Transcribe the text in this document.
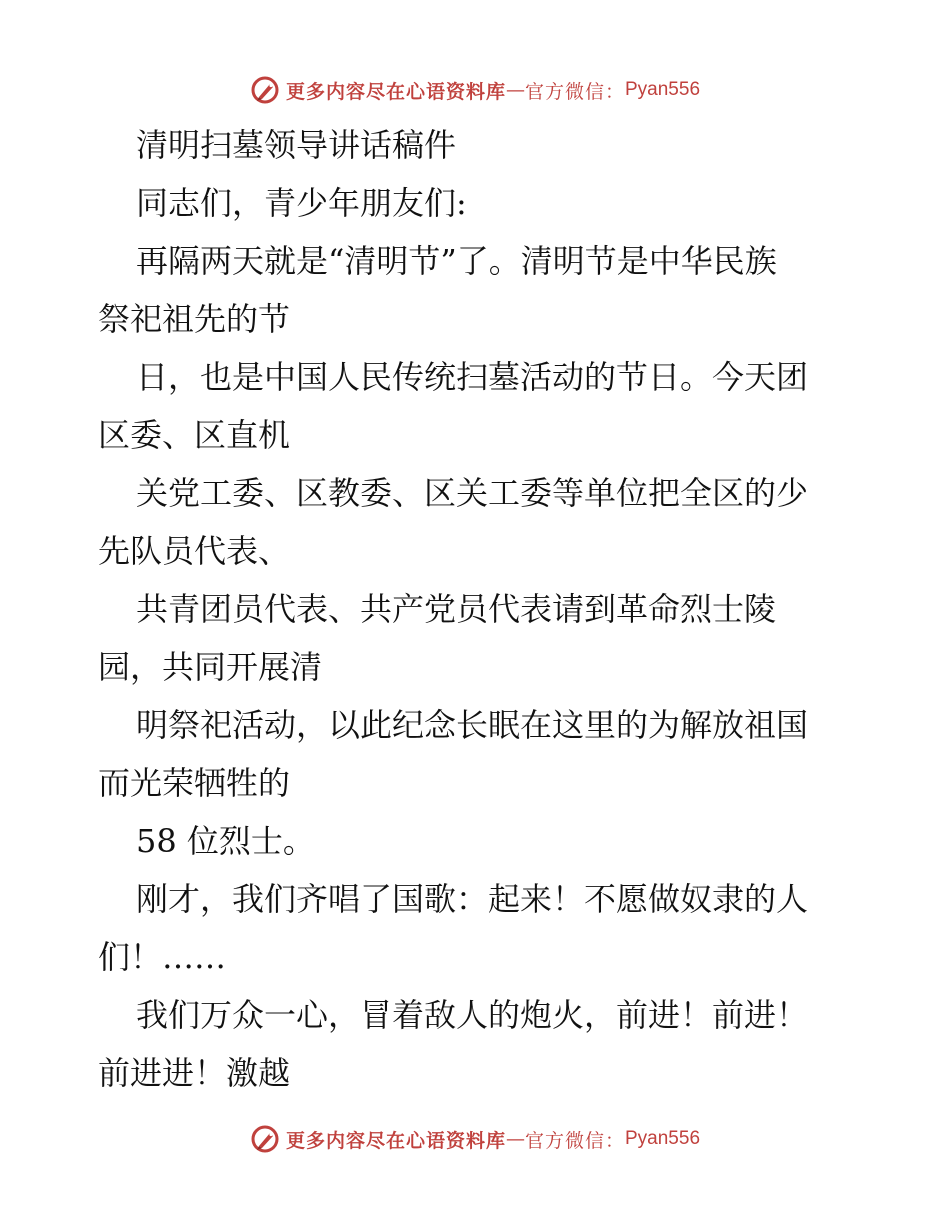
更多内容尽在心语资料库 — 官方微信： Pyan556

清明扫墓领导讲话稿件

同志们，青少年朋友们:

再隔两天就是“清明节”了。清明节是中华民族

祭祀祖先的节

日，也是中国人民传统扫墓活动的节日。今天团

区委、区直机

关党工委、区教委、区关工委等单位把全区的少

先队员代表、

共青团员代表、共产党员代表请到革命烈士陵

园，共同开展清

明祭祀活动，以此纪念长眠在这里的为解放祖国

而光荣牺牲的

58 位烈士。

刚才，我们齐唱了国歌：起来！不愿做奴隶的人

们！……

我们万众一心，冒着敌人的炮火，前进！前进！

前进进！激越

更多内容尽在心语资料库 — 官方微信： Pyan556
